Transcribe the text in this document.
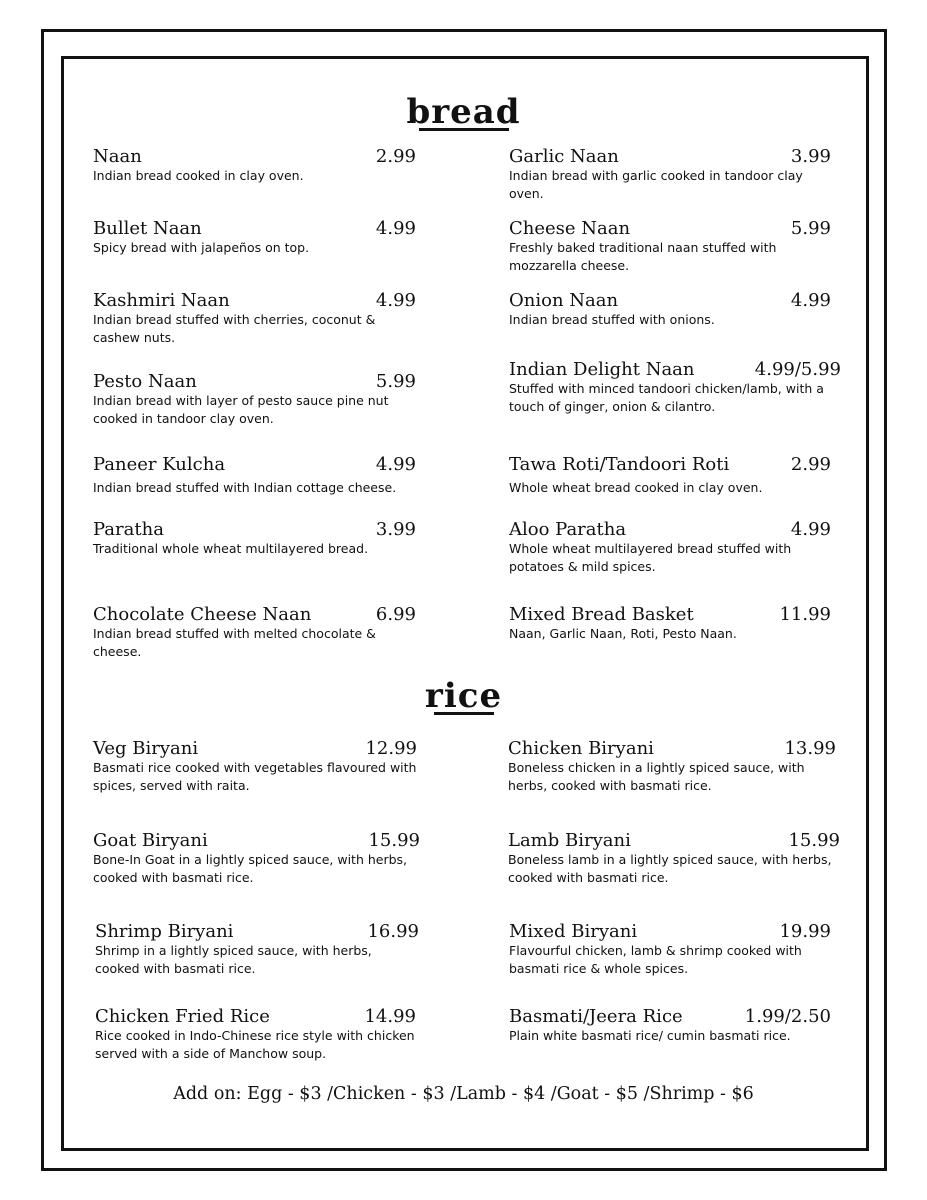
bread
Naan	2.99
Indian bread cooked in clay oven.
Garlic Naan	3.99
Indian bread with garlic cooked in tandoor clay oven.
Bullet Naan	4.99
Spicy bread with jalapeños on top.
Cheese Naan	5.99
Freshly baked traditional naan stuffed with mozzarella cheese.
Kashmiri Naan	4.99
Indian bread stuffed with cherries, coconut & cashew nuts.
Onion Naan	4.99
Indian bread stuffed with onions.
Indian Delight Naan	4.99/5.99
Stuffed with minced tandoori chicken/lamb, with a touch of ginger, onion & cilantro.
Pesto Naan	5.99
Indian bread with layer of pesto sauce pine nut cooked in tandoor clay oven.
Paneer Kulcha	4.99
Indian bread stuffed with Indian cottage cheese.
Tawa Roti/Tandoori Roti	2.99
Whole wheat bread cooked in clay oven.
Paratha	3.99
Traditional whole wheat multilayered bread.
Aloo Paratha	4.99
Whole wheat multilayered bread stuffed with potatoes & mild spices.
Chocolate Cheese Naan	6.99
Indian bread stuffed with melted chocolate & cheese.
Mixed Bread Basket	11.99
Naan, Garlic Naan, Roti, Pesto Naan.
rice
Veg Biryani	12.99
Basmati rice cooked with vegetables flavoured with spices, served with raita.
Chicken Biryani	13.99
Boneless chicken in a lightly spiced sauce, with herbs, cooked with basmati rice.
Goat Biryani	15.99
Bone-In Goat in a lightly spiced sauce, with herbs, cooked with basmati rice.
Lamb Biryani	15.99
Boneless lamb in a lightly spiced sauce, with herbs, cooked with basmati rice.
Shrimp Biryani	16.99
Shrimp in a lightly spiced sauce, with herbs, cooked with basmati rice.
Mixed Biryani	19.99
Flavourful chicken, lamb & shrimp cooked with basmati rice & whole spices.
Chicken Fried Rice	14.99
Rice cooked in Indo-Chinese rice style with chicken served with a side of Manchow soup.
Basmati/Jeera Rice	1.99/2.50
Plain white basmati rice/ cumin basmati rice.

Add on: Egg - $3 /Chicken - $3 /Lamb - $4 /Goat - $5 /Shrimp - $6
